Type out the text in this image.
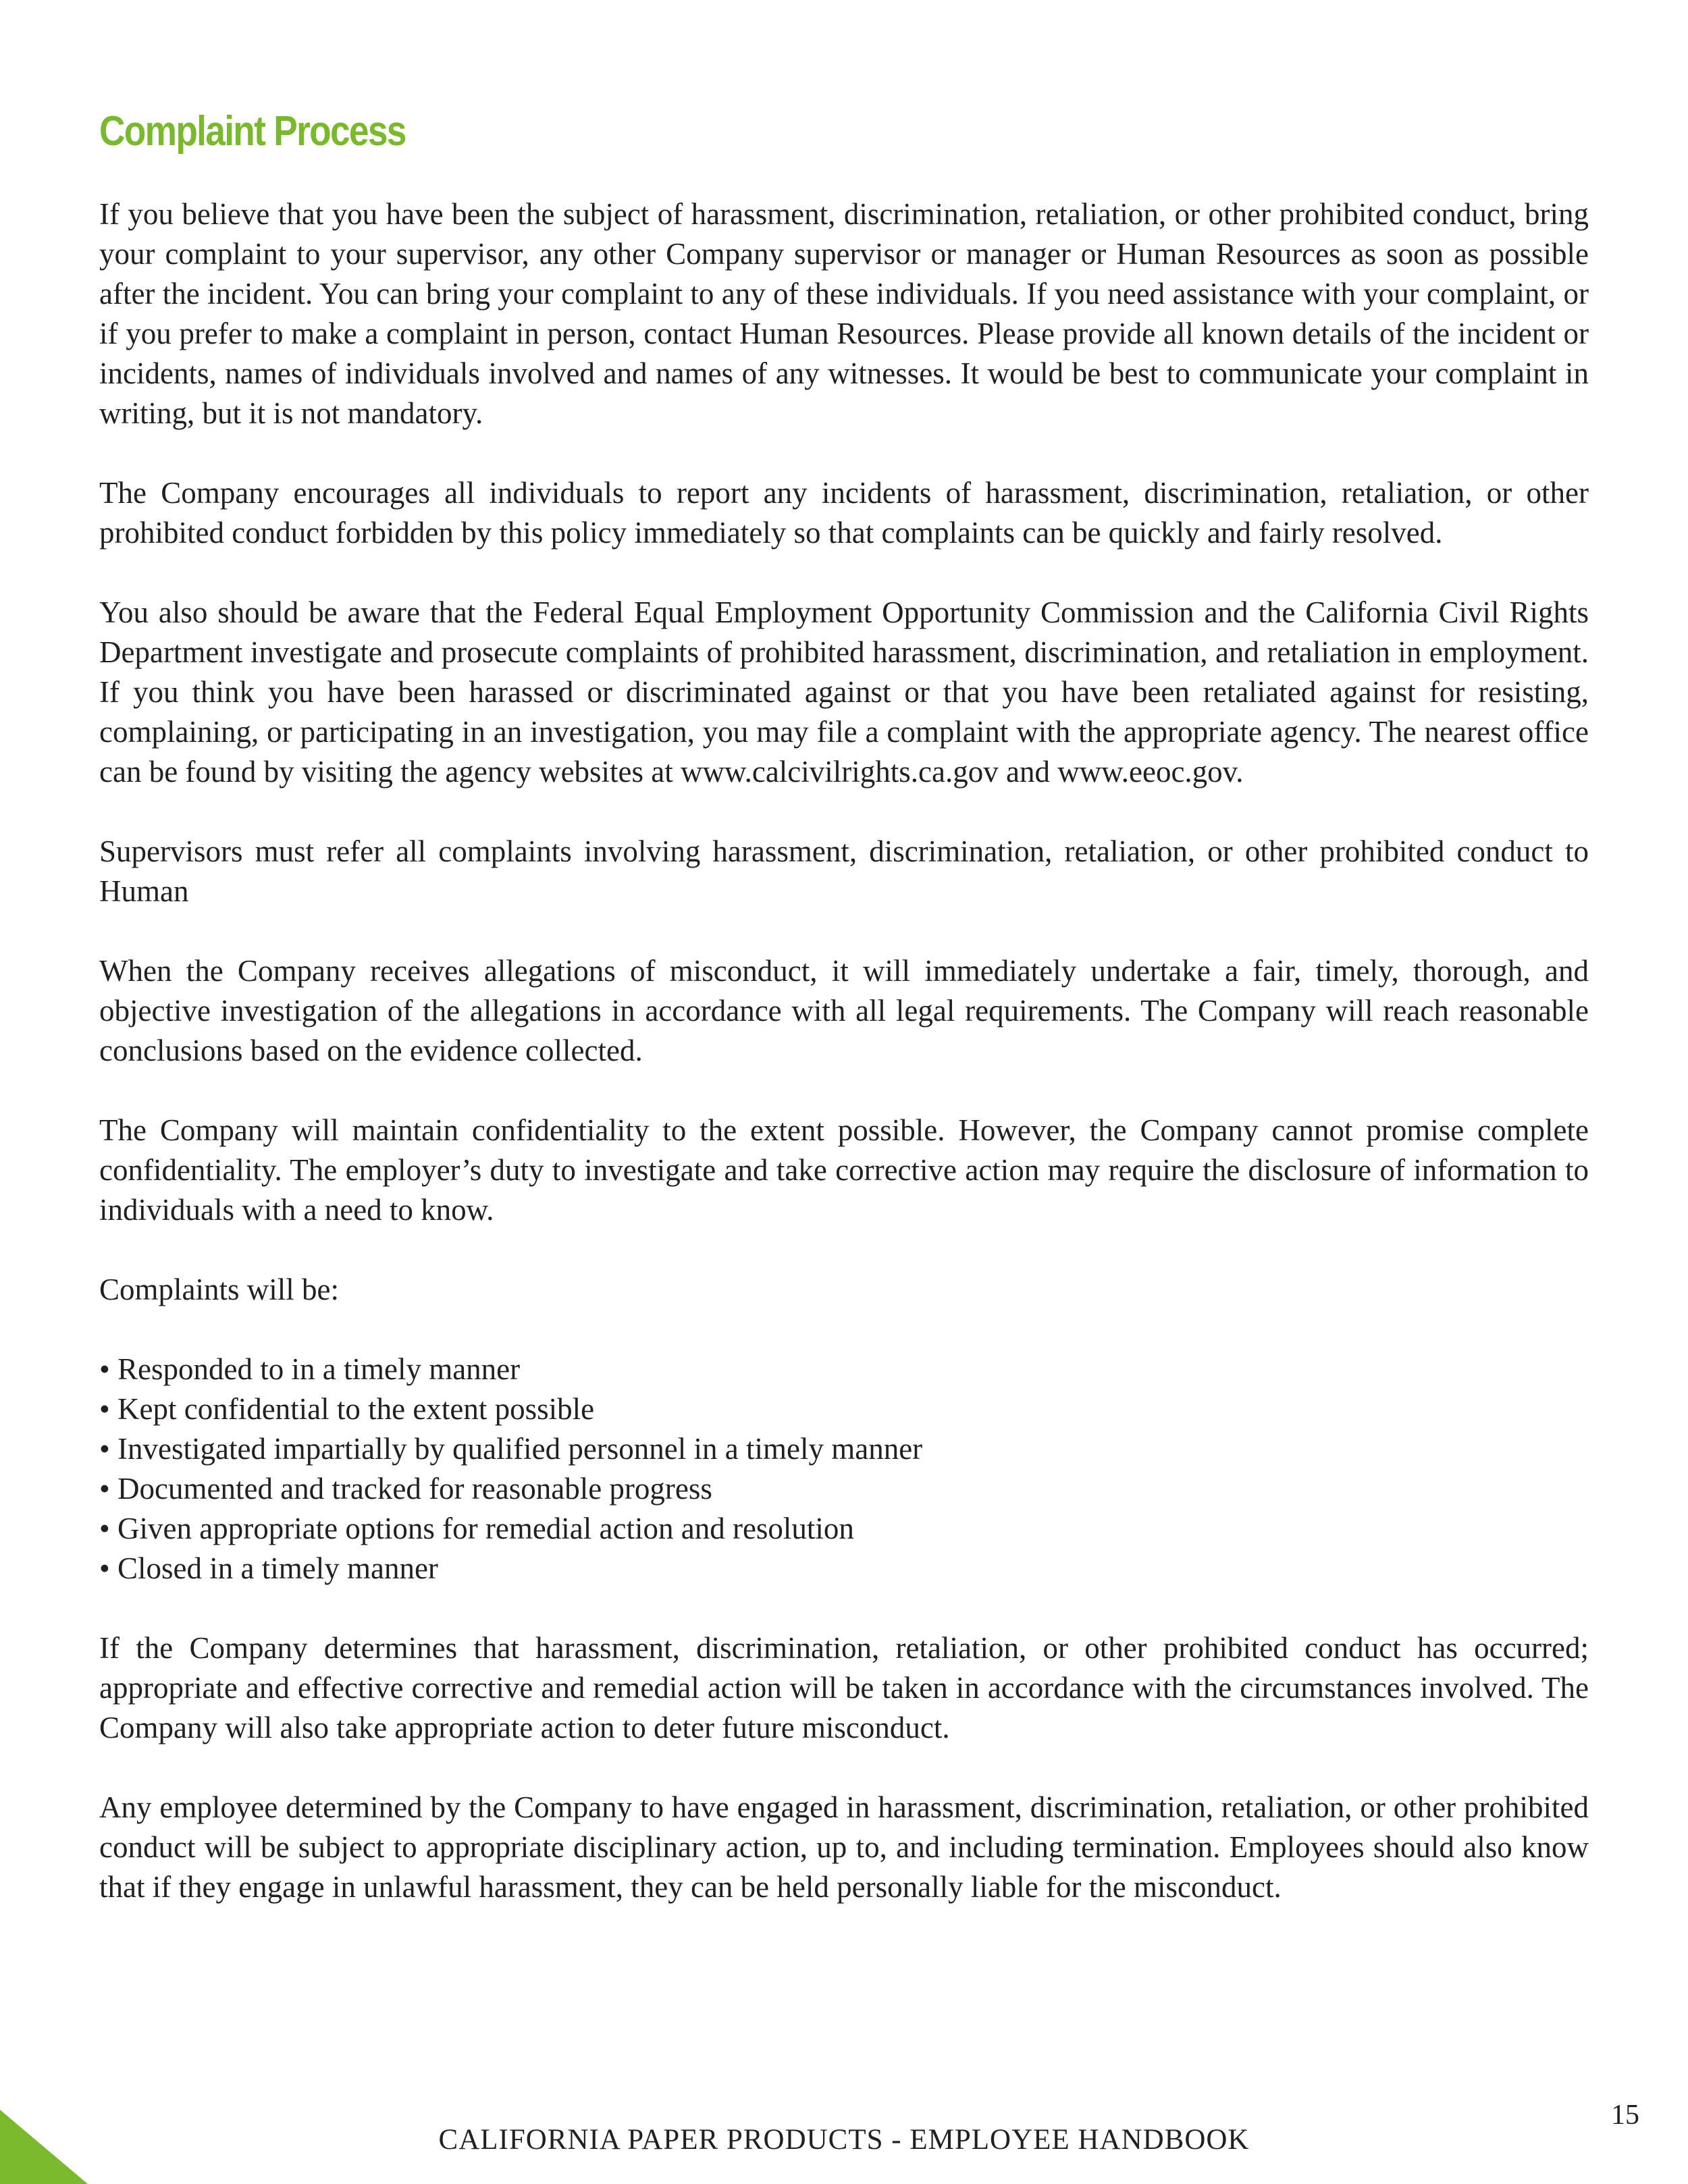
Complaint Process

If you believe that you have been the subject of harassment, discrimination, retaliation, or other prohibited conduct, bring your complaint to your supervisor, any other Company supervisor or manager or Human Resources as soon as possible after the incident. You can bring your complaint to any of these individuals. If you need assistance with your complaint, or if you prefer to make a complaint in person, contact Human Resources. Please provide all known details of the incident or incidents, names of individuals involved and names of any witnesses. It would be best to communicate your complaint in writing, but it is not mandatory.

The Company encourages all individuals to report any incidents of harassment, discrimination, retaliation, or other prohibited conduct forbidden by this policy immediately so that complaints can be quickly and fairly resolved.

You also should be aware that the Federal Equal Employment Opportunity Commission and the California Civil Rights Department investigate and prosecute complaints of prohibited harassment, discrimination, and retaliation in employment. If you think you have been harassed or discriminated against or that you have been retaliated against for resisting, complaining, or participating in an investigation, you may file a complaint with the appropriate agency. The nearest office can be found by visiting the agency websites at www.calcivilrights.ca.gov and www.eeoc.gov.

Supervisors must refer all complaints involving harassment, discrimination, retaliation, or other prohibited conduct to Human

When the Company receives allegations of misconduct, it will immediately undertake a fair, timely, thorough, and objective investigation of the allegations in accordance with all legal requirements. The Company will reach reasonable conclusions based on the evidence collected.

The Company will maintain confidentiality to the extent possible. However, the Company cannot promise complete confidentiality. The employer’s duty to investigate and take corrective action may require the disclosure of information to individuals with a need to know.

Complaints will be:

• Responded to in a timely manner
• Kept confidential to the extent possible
• Investigated impartially by qualified personnel in a timely manner
• Documented and tracked for reasonable progress
• Given appropriate options for remedial action and resolution
• Closed in a timely manner

If the Company determines that harassment, discrimination, retaliation, or other prohibited conduct has occurred; appropriate and effective corrective and remedial action will be taken in accordance with the circumstances involved. The Company will also take appropriate action to deter future misconduct.

Any employee determined by the Company to have engaged in harassment, discrimination, retaliation, or other prohibited conduct will be subject to appropriate disciplinary action, up to, and including termination. Employees should also know that if they engage in unlawful harassment, they can be held personally liable for the misconduct.

15
CALIFORNIA PAPER PRODUCTS - EMPLOYEE HANDBOOK
